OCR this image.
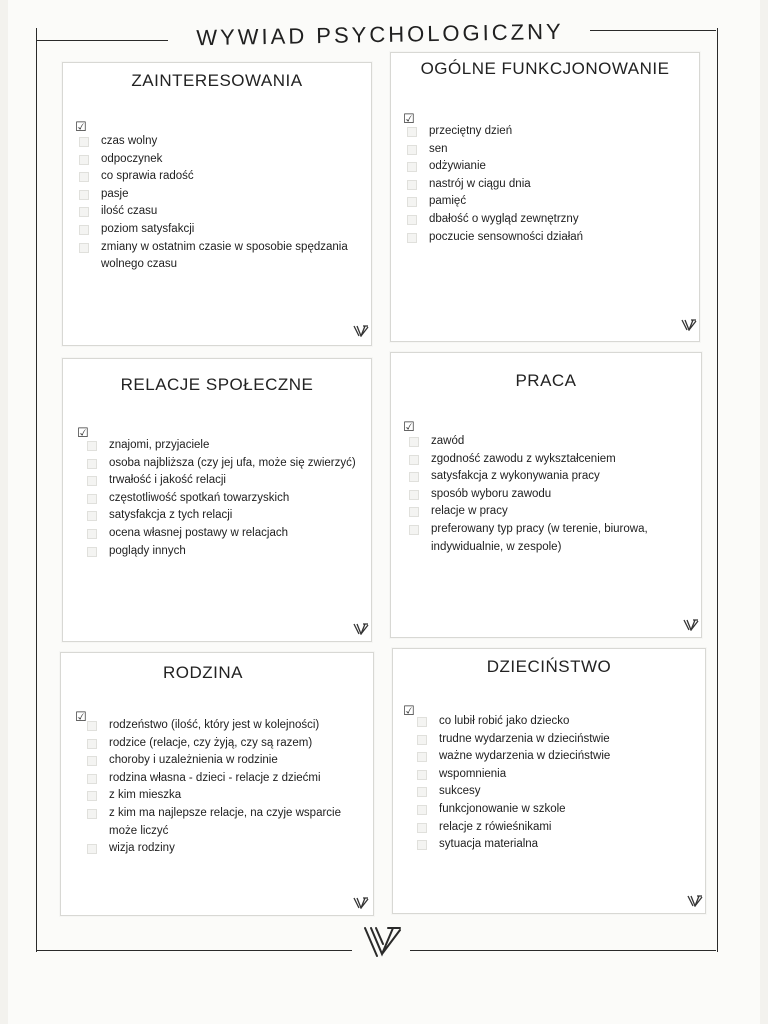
WYWIAD PSYCHOLOGICZNY
ZAINTERESOWANIA
☑
czas wolny
odpoczynek
co sprawia radość
pasje
ilość czasu
poziom satysfakcji
zmiany w ostatnim czasie w sposobie spędzania
wolnego czasu
OGÓLNE FUNKCJONOWANIE
☑
przeciętny dzień
sen
odżywianie
nastrój w ciągu dnia
pamięć
dbałość o wygląd zewnętrzny
poczucie sensowności działań
RELACJE SPOŁECZNE
☑
znajomi, przyjaciele
osoba najbliższa (czy jej ufa, może się zwierzyć)
trwałość i jakość relacji
częstotliwość spotkań towarzyskich
satysfakcja z tych relacji
ocena własnej postawy w relacjach
poglądy innych
PRACA
☑
zawód
zgodność zawodu z wykształceniem
satysfakcja z wykonywania pracy
sposób wyboru zawodu
relacje w pracy
preferowany typ pracy (w terenie, biurowa,
indywidualnie, w zespole)
RODZINA
☑
rodzeństwo (ilość, który jest w kolejności)
rodzice (relacje, czy żyją, czy są razem)
choroby i uzależnienia w rodzinie
rodzina własna - dzieci - relacje z dziećmi
z kim mieszka
z kim ma najlepsze relacje, na czyje wsparcie
może liczyć
wizja rodziny
DZIECIŃSTWO
☑
co lubił robić jako dziecko
trudne wydarzenia w dzieciństwie
ważne wydarzenia w dzieciństwie
wspomnienia
sukcesy
funkcjonowanie w szkole
relacje z rówieśnikami
sytuacja materialna
